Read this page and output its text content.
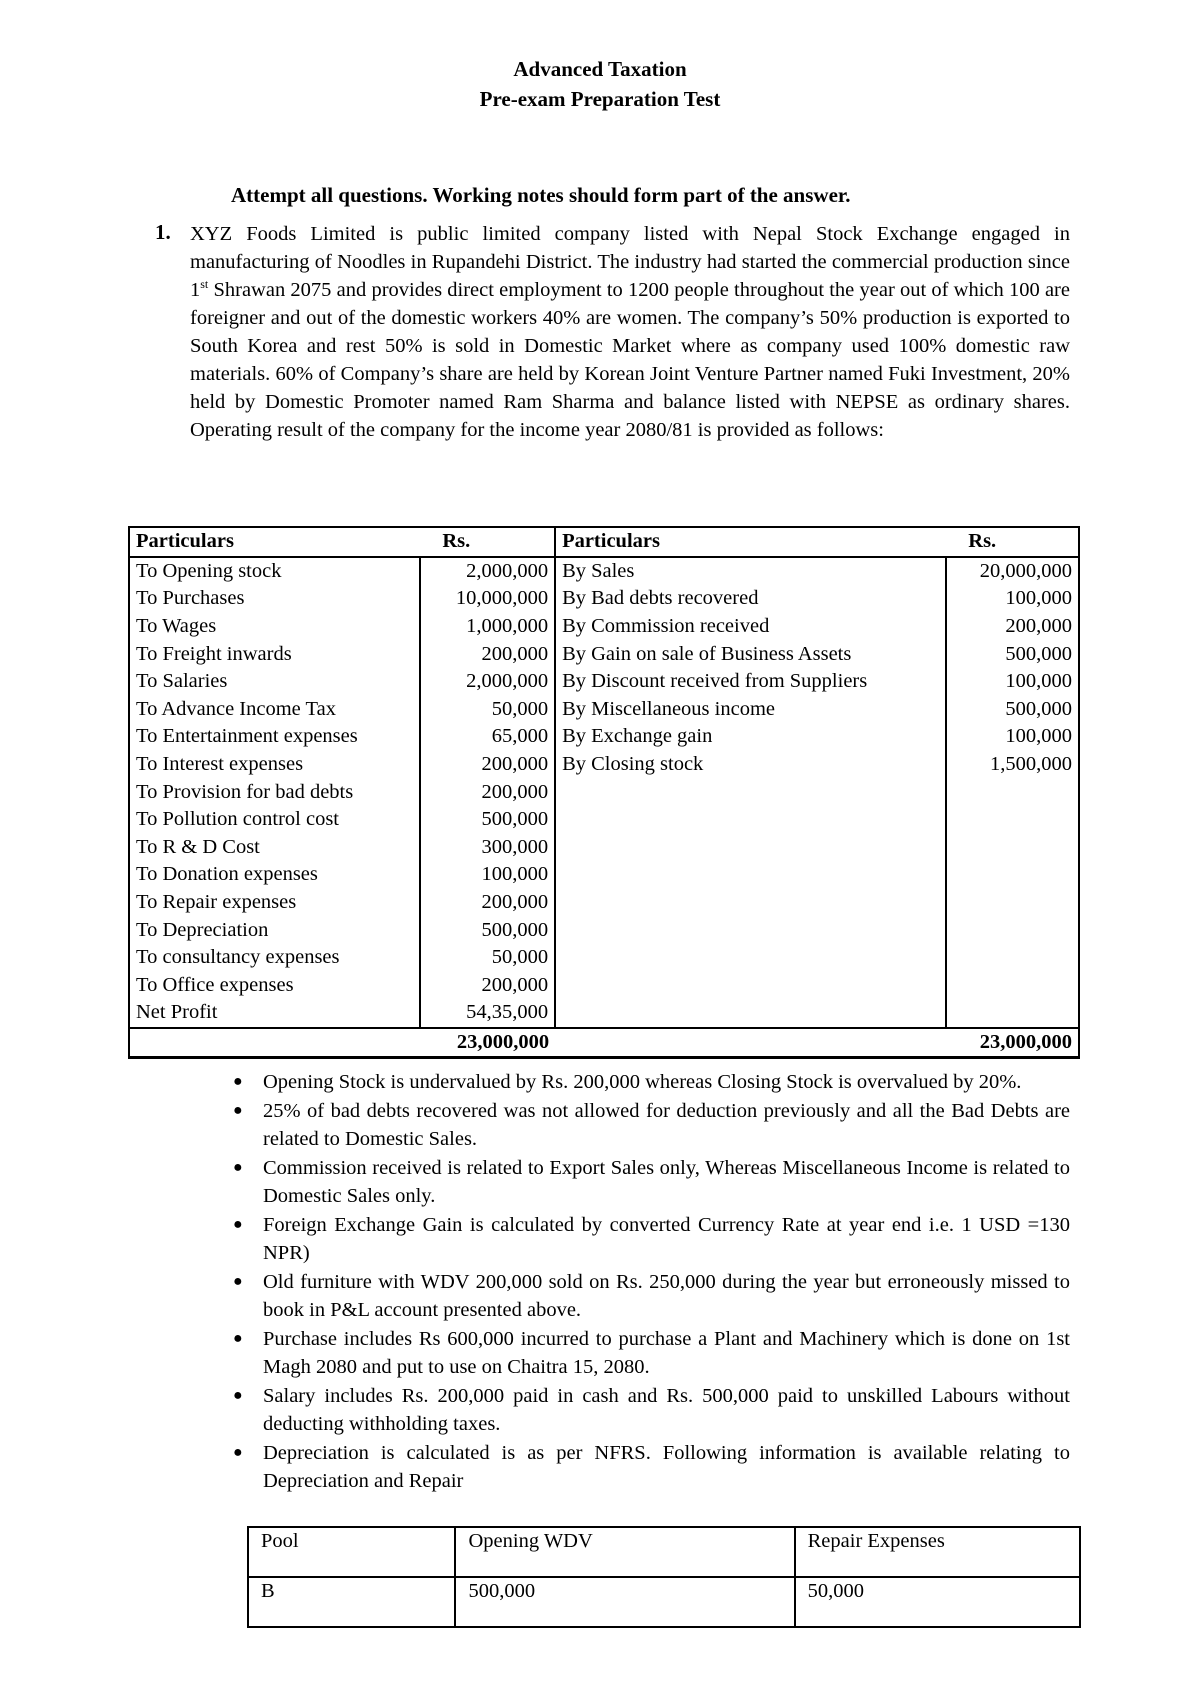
Advanced Taxation
Pre-exam Preparation Test
Attempt all questions. Working notes should form part of the answer.
1. XYZ Foods Limited is public limited company listed with Nepal Stock Exchange engaged in manufacturing of Noodles in Rupandehi District. The industry had started the commercial production since 1st Shrawan 2075 and provides direct employment to 1200 people throughout the year out of which 100 are foreigner and out of the domestic workers 40% are women. The company’s 50% production is exported to South Korea and rest 50% is sold in Domestic Market where as company used 100% domestic raw materials. 60% of Company’s share are held by Korean Joint Venture Partner named Fuki Investment, 20% held by Domestic Promoter named Ram Sharma and balance listed with NEPSE as ordinary shares. Operating result of the company for the income year 2080/81 is provided as follows:
Particulars	Rs.	Particulars	Rs.
To Opening stock	2,000,000	By Sales	20,000,000
To Purchases	10,000,000	By Bad debts recovered	100,000
To Wages	1,000,000	By Commission received	200,000
To Freight inwards	200,000	By Gain on sale of Business Assets	500,000
To Salaries	2,000,000	By Discount received from Suppliers	100,000
To Advance Income Tax	50,000	By Miscellaneous income	500,000
To Entertainment expenses	65,000	By Exchange gain	100,000
To Interest expenses	200,000	By Closing stock	1,500,000
To Provision for bad debts	200,000		
To Pollution control cost	500,000		
To R & D Cost	300,000		
To Donation expenses	100,000		
To Repair expenses	200,000		
To Depreciation	500,000		
To consultancy expenses	50,000		
To Office expenses	200,000		
Net Profit	54,35,000		
	23,000,000		23,000,000
● Opening Stock is undervalued by Rs. 200,000 whereas Closing Stock is overvalued by 20%.
● 25% of bad debts recovered was not allowed for deduction previously and all the Bad Debts are related to Domestic Sales.
● Commission received is related to Export Sales only, Whereas Miscellaneous Income is related to Domestic Sales only.
● Foreign Exchange Gain is calculated by converted Currency Rate at year end i.e. 1 USD =130 NPR)
● Old furniture with WDV 200,000 sold on Rs. 250,000 during the year but erroneously missed to book in P&L account presented above.
● Purchase includes Rs 600,000 incurred to purchase a Plant and Machinery which is done on 1st Magh 2080 and put to use on Chaitra 15, 2080.
● Salary includes Rs. 200,000 paid in cash and Rs. 500,000 paid to unskilled Labours without deducting withholding taxes.
● Depreciation is calculated is as per NFRS. Following information is available relating to Depreciation and Repair
Pool	Opening WDV	Repair Expenses
B	500,000	50,000
